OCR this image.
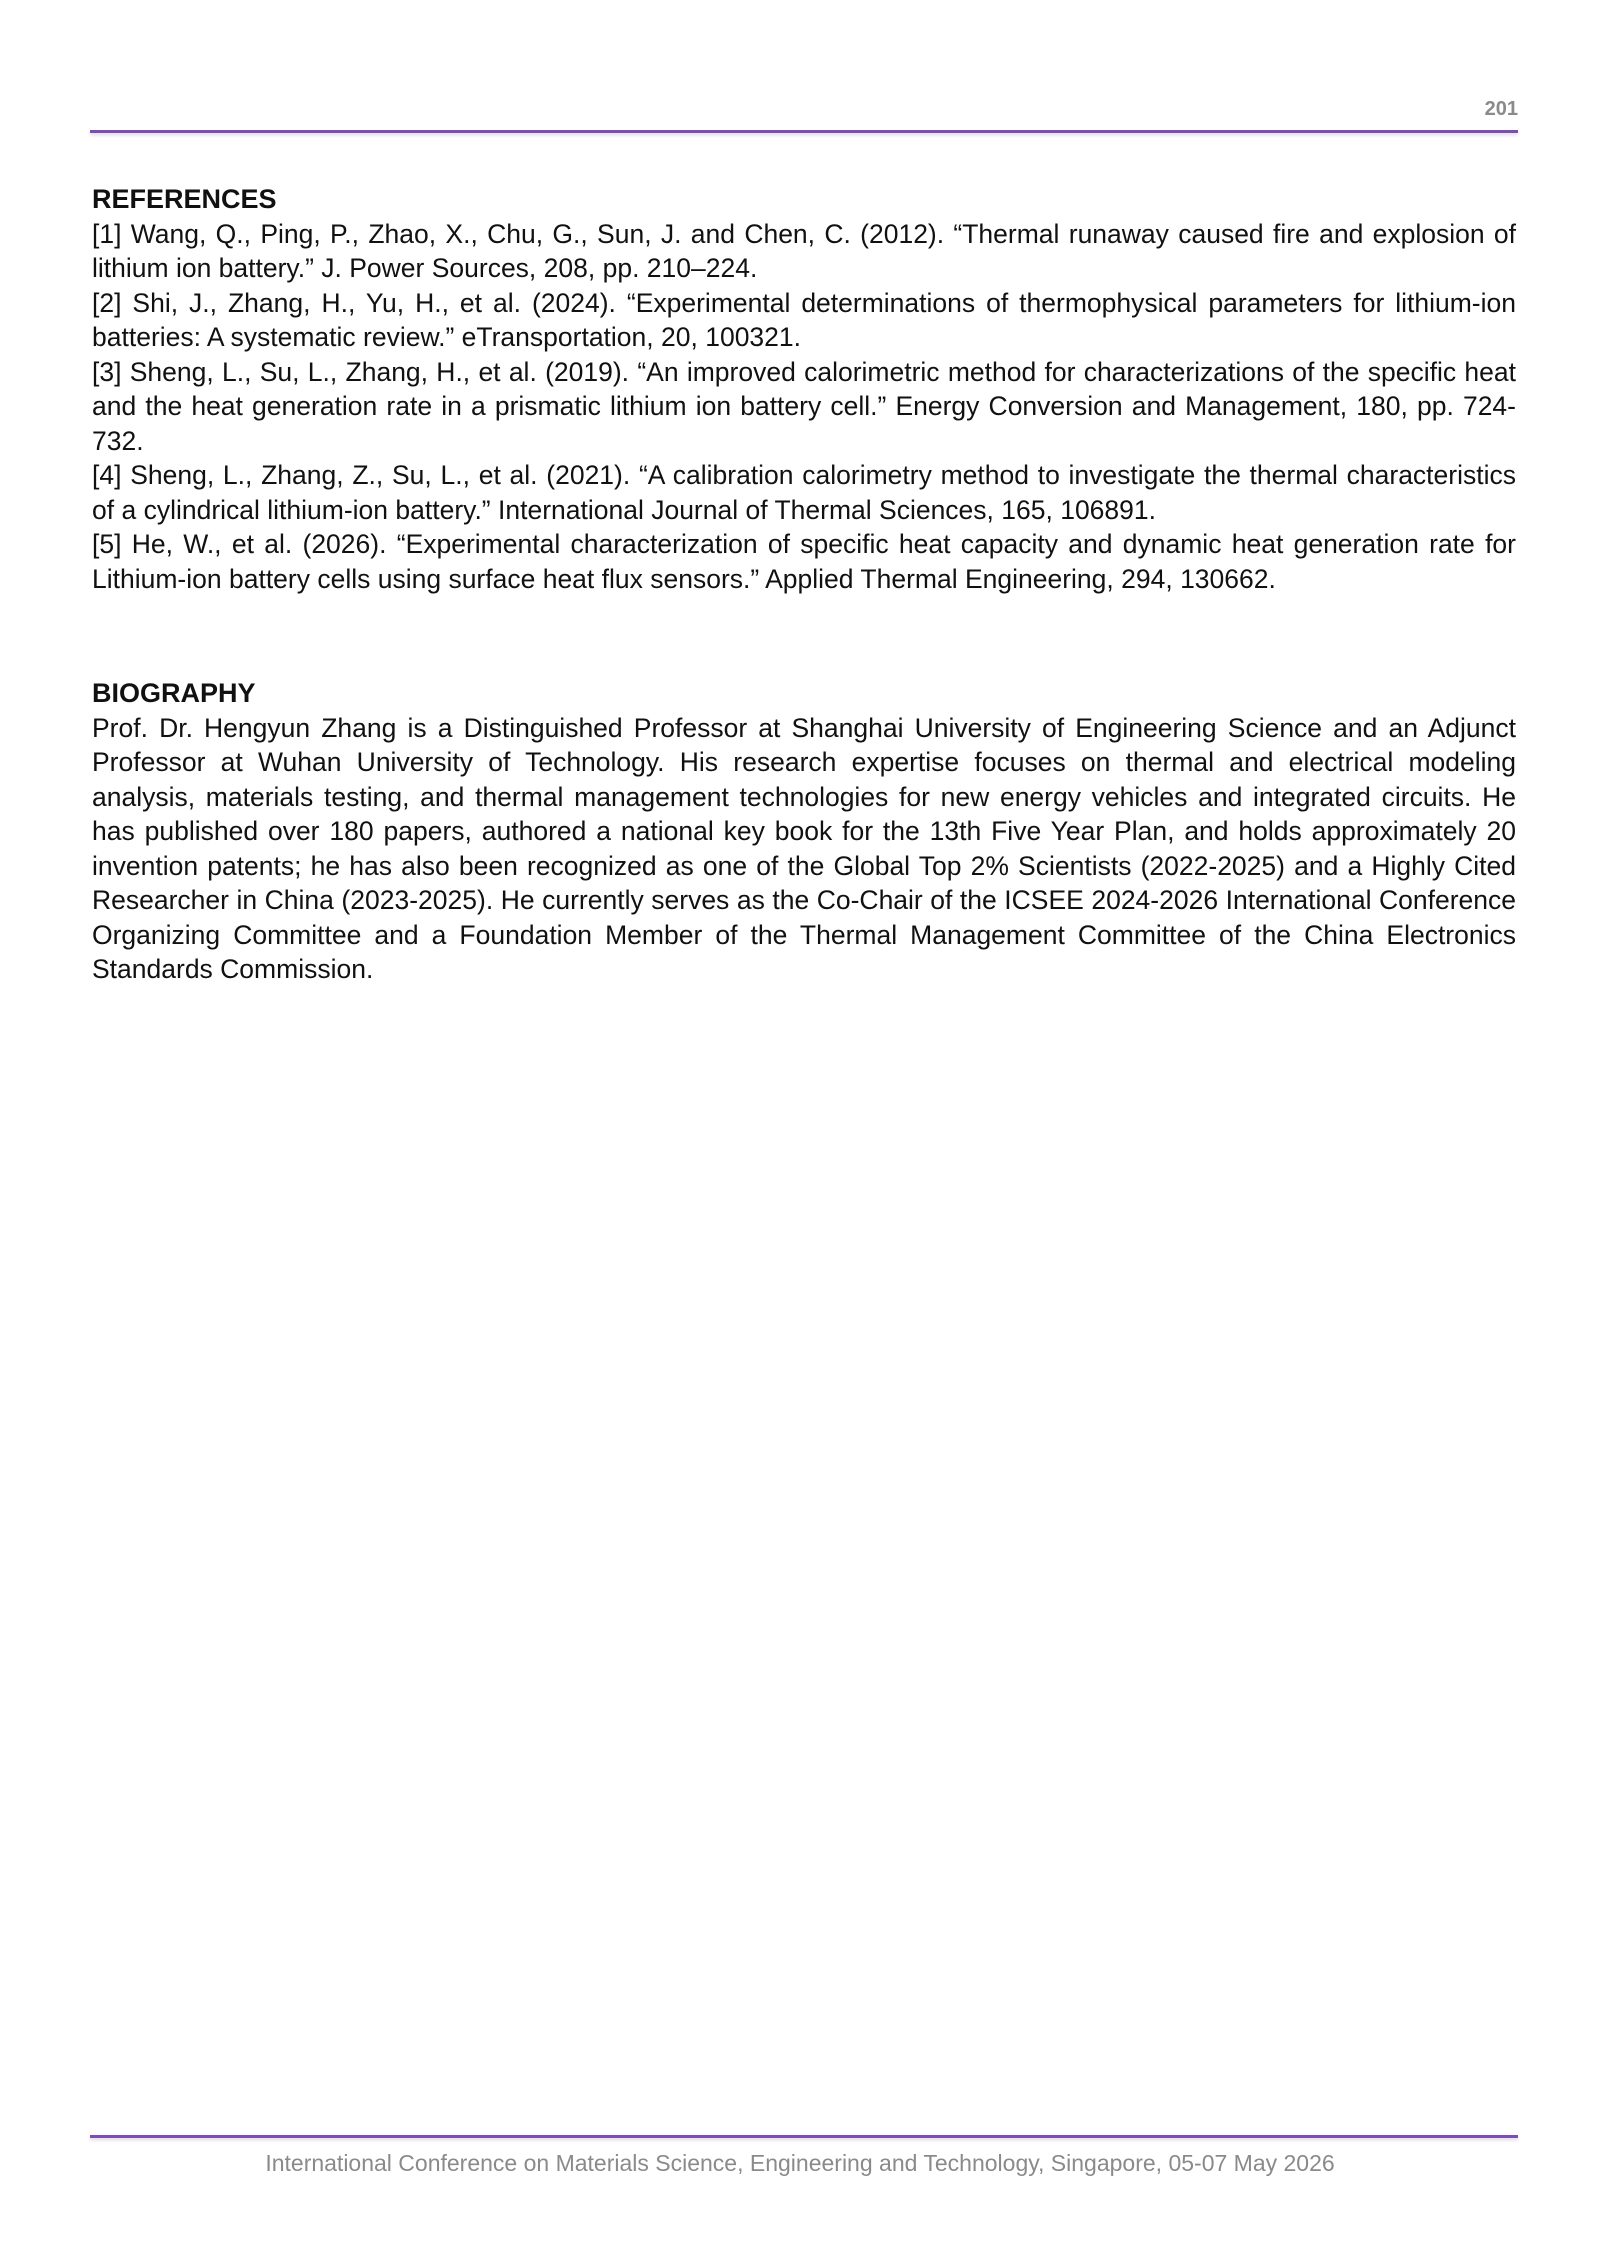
201
REFERENCES

[1] Wang, Q., Ping, P., Zhao, X., Chu, G., Sun, J. and Chen, C. (2012). “Thermal runaway caused fire and explosion of lithium ion battery.” J. Power Sources, 208, pp. 210–224.

[2] Shi, J., Zhang, H., Yu, H., et al. (2024). “Experimental determinations of thermophysical parameters for lithium-ion batteries: A systematic review.” eTransportation, 20, 100321.

[3] Sheng, L., Su, L., Zhang, H., et al. (2019). “An improved calorimetric method for characterizations of the specific heat and the heat generation rate in a prismatic lithium ion battery cell.” Energy Conversion and Management, 180, pp. 724-732.

[4] Sheng, L., Zhang, Z., Su, L., et al. (2021). “A calibration calorimetry method to investigate the thermal characteristics of a cylindrical lithium-ion battery.” International Journal of Thermal Sciences, 165, 106891.

[5] He, W., et al. (2026). “Experimental characterization of specific heat capacity and dynamic heat generation rate for Lithium-ion battery cells using surface heat flux sensors.” Applied Thermal Engineering, 294, 130662.

BIOGRAPHY

Prof. Dr. Hengyun Zhang is a Distinguished Professor at Shanghai University of Engineering Science and an Adjunct Professor at Wuhan University of Technology. His research expertise focuses on thermal and electrical modeling analysis, materials testing, and thermal management technologies for new energy vehicles and integrated circuits. He has published over 180 papers, authored a national key book for the 13th Five Year Plan, and holds approximately 20 invention patents; he has also been recognized as one of the Global Top 2% Scientists (2022-2025) and a Highly Cited Researcher in China (2023-2025). He currently serves as the Co-Chair of the ICSEE 2024-2026 International Conference Organizing Committee and a Foundation Member of the Thermal Management Committee of the China Electronics Standards Commission.

International Conference on Materials Science, Engineering and Technology, Singapore, 05-07 May 2026
